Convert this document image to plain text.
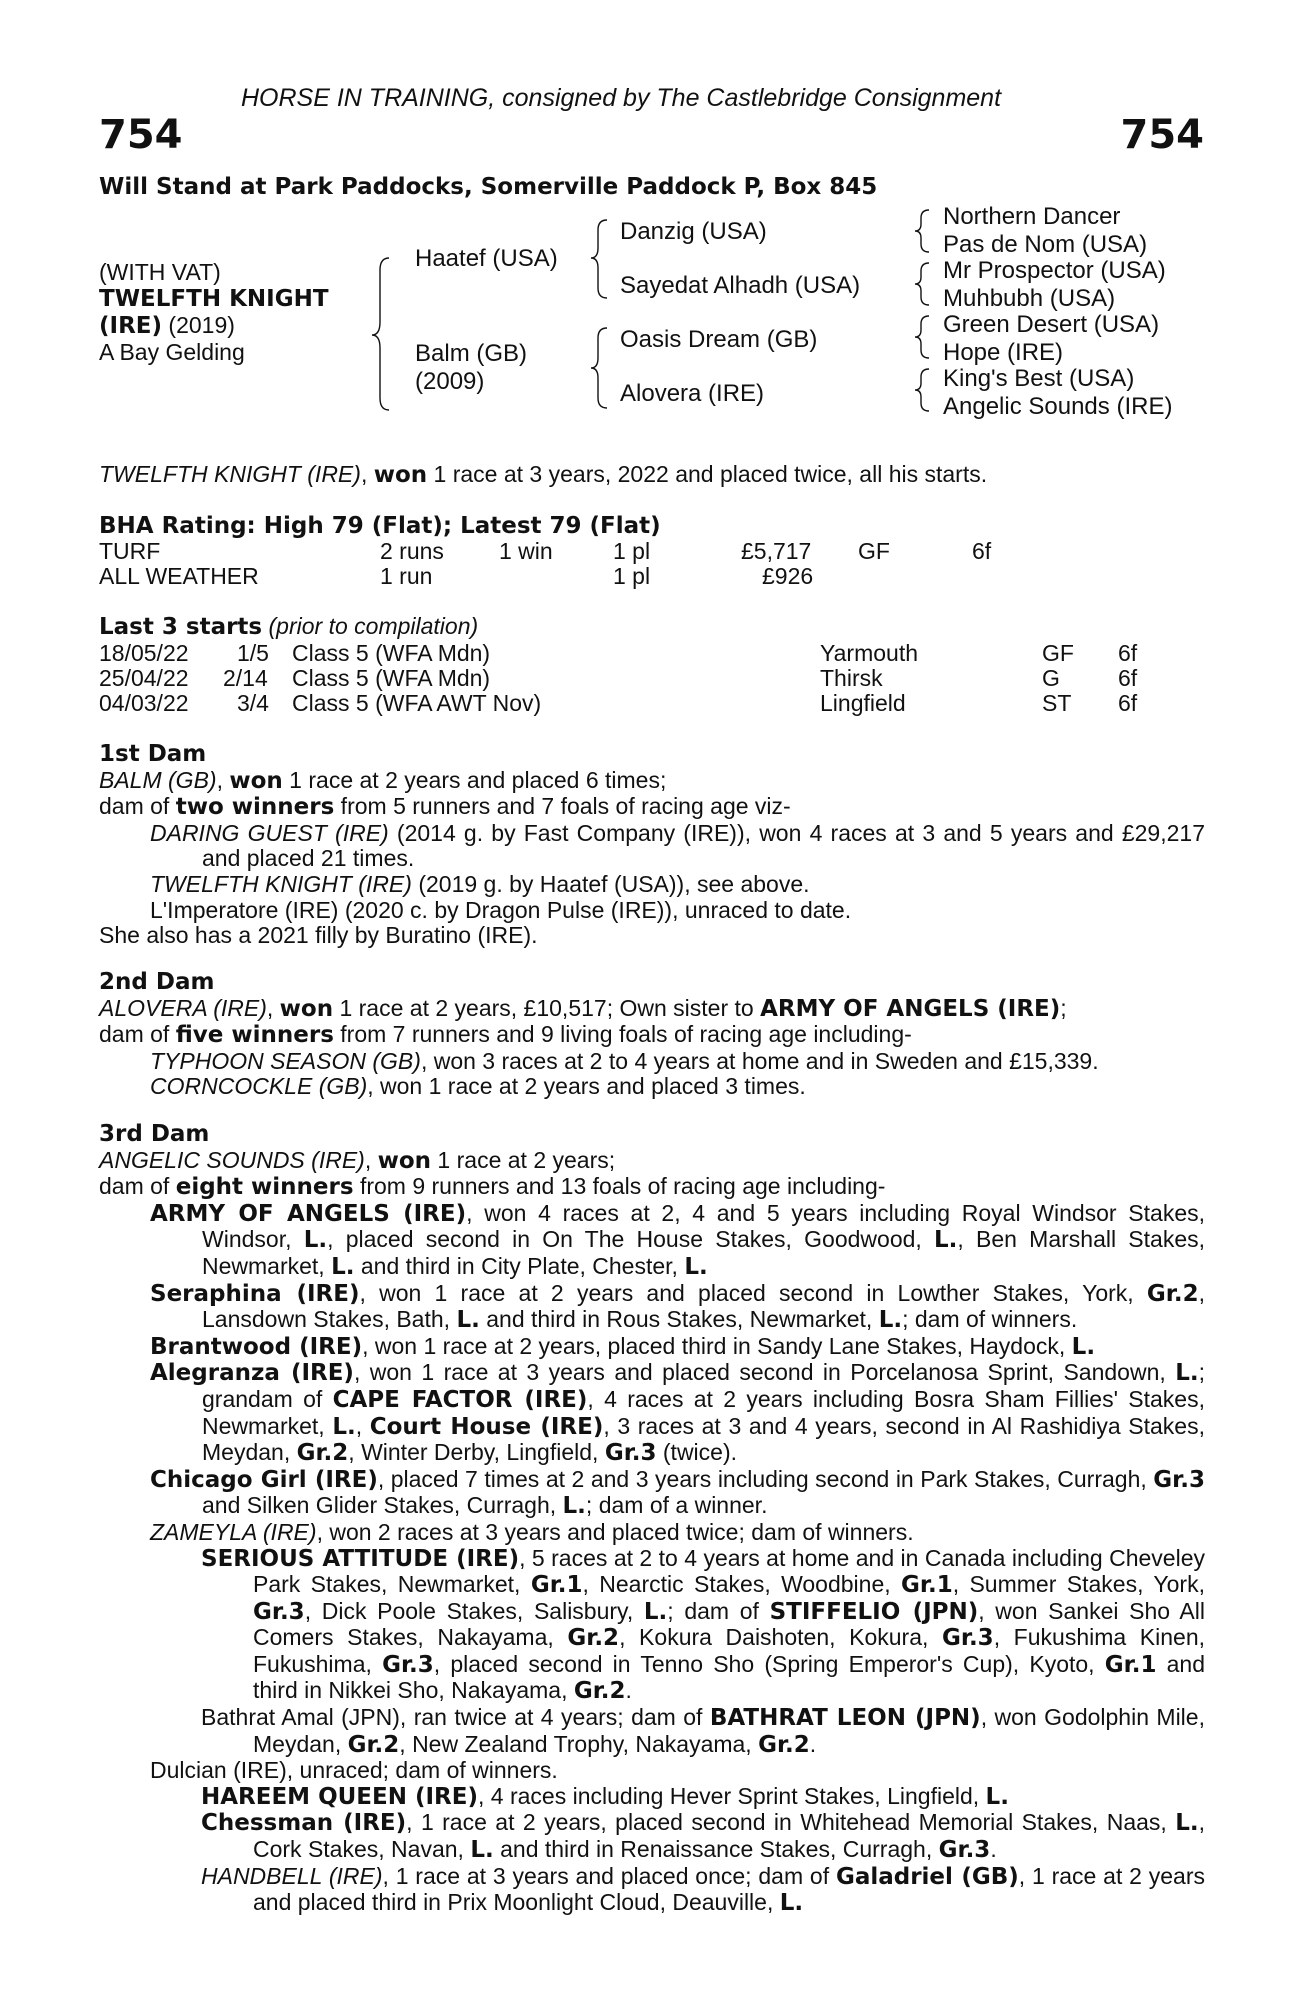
HORSE IN TRAINING, consigned by The Castlebridge Consignment
754	754
Will Stand at Park Paddocks, Somerville Paddock P, Box 845
(WITH VAT)
TWELFTH KNIGHT
(IRE) (2019)
A Bay Gelding
Haatef (USA)
Balm (GB)
(2009)
Danzig (USA)
Sayedat Alhadh (USA)
Oasis Dream (GB)
Alovera (IRE)
Northern Dancer
Pas de Nom (USA)
Mr Prospector (USA)
Muhbubh (USA)
Green Desert (USA)
Hope (IRE)
King's Best (USA)
Angelic Sounds (IRE)
TWELFTH KNIGHT (IRE), won 1 race at 3 years, 2022 and placed twice, all his starts.
BHA Rating: High 79 (Flat); Latest 79 (Flat)
TURF	2 runs 1 win	1 pl	£5,717 GF	6f
ALL WEATHER	1 run	1 pl	£926
Last 3 starts (prior to compilation)
18/05/22 1/5 Class 5 (WFA Mdn)	Yarmouth	GF 6f
25/04/22 2/14 Class 5 (WFA Mdn)	Thirsk	G	6f
04/03/22 3/4 Class 5 (WFA AWT Nov)	Lingfield	ST 6f

1st Dam

BALM (GB), won 1 race at 2 years and placed 6 times;

dam of two winners from 5 runners and 7 foals of racing age viz-

DARING GUEST (IRE) (2014 g. by Fast Company (IRE)), won 4 races at 3 and 5 years and £29,217 and placed 21 times.

TWELFTH KNIGHT (IRE) (2019 g. by Haatef (USA)), see above.

L'Imperatore (IRE) (2020 c. by Dragon Pulse (IRE)), unraced to date.

She also has a 2021 filly by Buratino (IRE).

2nd Dam

ALOVERA (IRE), won 1 race at 2 years, £10,517; Own sister to ARMY OF ANGELS (IRE);

dam of five winners from 7 runners and 9 living foals of racing age including-

TYPHOON SEASON (GB), won 3 races at 2 to 4 years at home and in Sweden and £15,339.

CORNCOCKLE (GB), won 1 race at 2 years and placed 3 times.

3rd Dam

ANGELIC SOUNDS (IRE), won 1 race at 2 years;

dam of eight winners from 9 runners and 13 foals of racing age including-

ARMY OF ANGELS (IRE), won 4 races at 2, 4 and 5 years including Royal Windsor Stakes, Windsor, L., placed second in On The House Stakes, Goodwood, L., Ben Marshall Stakes, Newmarket, L. and third in City Plate, Chester, L.

Seraphina (IRE), won 1 race at 2 years and placed second in Lowther Stakes, York, Gr.2, Lansdown Stakes, Bath, L. and third in Rous Stakes, Newmarket, L.; dam of winners.

Brantwood (IRE), won 1 race at 2 years, placed third in Sandy Lane Stakes, Haydock, L.

Alegranza (IRE), won 1 race at 3 years and placed second in Porcelanosa Sprint, Sandown, L.; grandam of CAPE FACTOR (IRE), 4 races at 2 years including Bosra Sham Fillies' Stakes, Newmarket, L., Court House (IRE), 3 races at 3 and 4 years, second in Al Rashidiya Stakes, Meydan, Gr.2, Winter Derby, Lingfield, Gr.3 (twice).

Chicago Girl (IRE), placed 7 times at 2 and 3 years including second in Park Stakes, Curragh, Gr.3 and Silken Glider Stakes, Curragh, L.; dam of a winner.

ZAMEYLA (IRE), won 2 races at 3 years and placed twice; dam of winners.

SERIOUS ATTITUDE (IRE), 5 races at 2 to 4 years at home and in Canada including Cheveley Park Stakes, Newmarket, Gr.1, Nearctic Stakes, Woodbine, Gr.1, Summer Stakes, York, Gr.3, Dick Poole Stakes, Salisbury, L.; dam of STIFFELIO (JPN), won Sankei Sho All Comers Stakes, Nakayama, Gr.2, Kokura Daishoten, Kokura, Gr.3, Fukushima Kinen, Fukushima, Gr.3, placed second in Tenno Sho (Spring Emperor's Cup), Kyoto, Gr.1 and third in Nikkei Sho, Nakayama, Gr.2.

Bathrat Amal (JPN), ran twice at 4 years; dam of BATHRAT LEON (JPN), won Godolphin Mile, Meydan, Gr.2, New Zealand Trophy, Nakayama, Gr.2.

Dulcian (IRE), unraced; dam of winners.

HAREEM QUEEN (IRE), 4 races including Hever Sprint Stakes, Lingfield, L.

Chessman (IRE), 1 race at 2 years, placed second in Whitehead Memorial Stakes, Naas, L., Cork Stakes, Navan, L. and third in Renaissance Stakes, Curragh, Gr.3.

HANDBELL (IRE), 1 race at 3 years and placed once; dam of Galadriel (GB), 1 race at 2 years and placed third in Prix Moonlight Cloud, Deauville, L.
